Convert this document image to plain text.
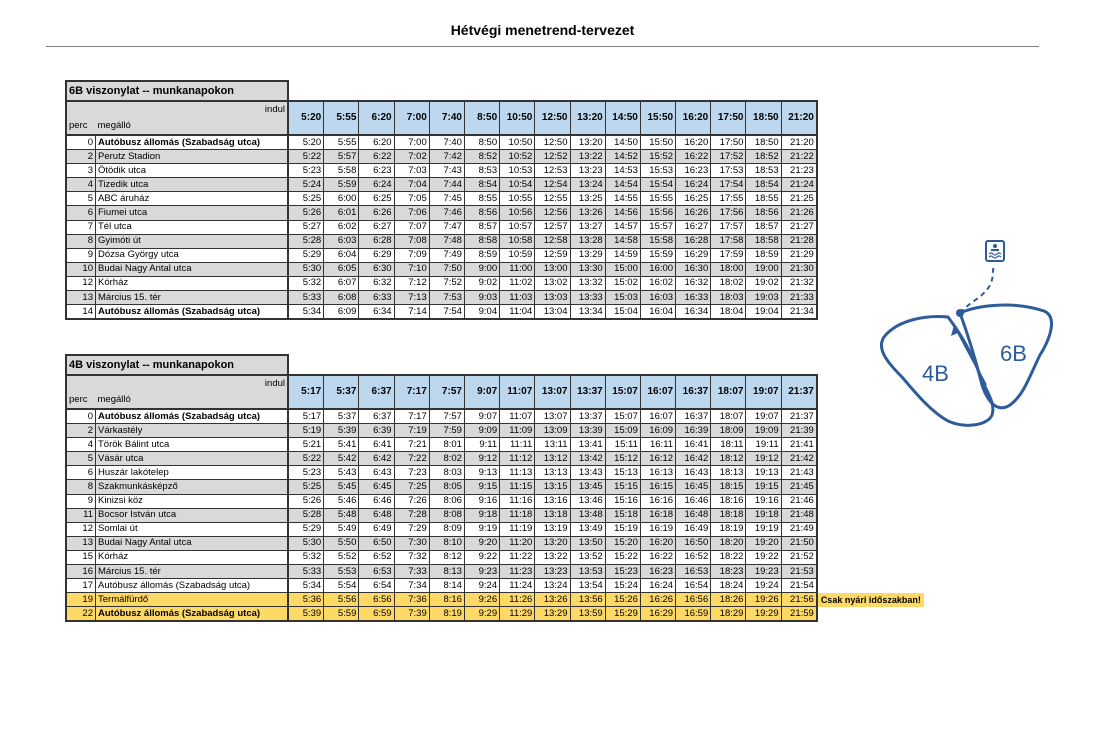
Hétvégi menetrend-tervezet
6B viszonylat -- munkanapokon																
indul		5:20	5:55	6:20	7:00	7:40	8:50	10:50	12:50	13:20	14:50	15:50	16:20	17:50	18:50	21:20
perc	megálló															
0	Autóbusz állomás (Szabadság utca)	5:20	5:55	6:20	7:00	7:40	8:50	10:50	12:50	13:20	14:50	15:50	16:20	17:50	18:50	21:20
2	Perutz Stadion	5:22	5:57	6:22	7:02	7:42	8:52	10:52	12:52	13:22	14:52	15:52	16:22	17:52	18:52	21:22
3	Ötödik utca	5:23	5:58	6:23	7:03	7:43	8:53	10:53	12:53	13:23	14:53	15:53	16:23	17:53	18:53	21:23
4	Tizedik utca	5:24	5:59	6:24	7:04	7:44	8:54	10:54	12:54	13:24	14:54	15:54	16:24	17:54	18:54	21:24
5	ABC áruház	5:25	6:00	6:25	7:05	7:45	8:55	10:55	12:55	13:25	14:55	15:55	16:25	17:55	18:55	21:25
6	Fiumei utca	5:26	6:01	6:26	7:06	7:46	8:56	10:56	12:56	13:26	14:56	15:56	16:26	17:56	18:56	21:26
7	Tél utca	5:27	6:02	6:27	7:07	7:47	8:57	10:57	12:57	13:27	14:57	15:57	16:27	17:57	18:57	21:27
8	Gyimóti út	5:28	6:03	6:28	7:08	7:48	8:58	10:58	12:58	13:28	14:58	15:58	16:28	17:58	18:58	21:28
9	Dózsa György utca	5:29	6:04	6:29	7:09	7:49	8:59	10:59	12:59	13:29	14:59	15:59	16:29	17:59	18:59	21:29
10	Budai Nagy Antal utca	5:30	6:05	6:30	7:10	7:50	9:00	11:00	13:00	13:30	15:00	16:00	16:30	18:00	19:00	21:30
12	Kórház	5:32	6:07	6:32	7:12	7:52	9:02	11:02	13:02	13:32	15:02	16:02	16:32	18:02	19:02	21:32
13	Március 15. tér	5:33	6:08	6:33	7:13	7:53	9:03	11:03	13:03	13:33	15:03	16:03	16:33	18:03	19:03	21:33
14	Autóbusz állomás (Szabadság utca)	5:34	6:09	6:34	7:14	7:54	9:04	11:04	13:04	13:34	15:04	16:04	16:34	18:04	19:04	21:34
4B viszonylat -- munkanapokon																	
indul		5:17	5:37	6:37	7:17	7:57	9:07	11:07	13:07	13:37	15:07	16:07	16:37	18:07	19:07	21:37	
perc	megálló																
0	Autóbusz állomás (Szabadság utca)	5:17	5:37	6:37	7:17	7:57	9:07	11:07	13:07	13:37	15:07	16:07	16:37	18:07	19:07	21:37	
2	Várkastély	5:19	5:39	6:39	7:19	7:59	9:09	11:09	13:09	13:39	15:09	16:09	16:39	18:09	19:09	21:39	
4	Török Bálint utca	5:21	5:41	6:41	7:21	8:01	9:11	11:11	13:11	13:41	15:11	16:11	16:41	18:11	19:11	21:41	
5	Vásár utca	5:22	5:42	6:42	7:22	8:02	9:12	11:12	13:12	13:42	15:12	16:12	16:42	18:12	19:12	21:42	
6	Huszár lakótelep	5:23	5:43	6:43	7:23	8:03	9:13	11:13	13:13	13:43	15:13	16:13	16:43	18:13	19:13	21:43	
8	Szakmunkásképző	5:25	5:45	6:45	7:25	8:05	9:15	11:15	13:15	13:45	15:15	16:15	16:45	18:15	19:15	21:45	
9	Kinizsi köz	5:26	5:46	6:46	7:26	8:06	9:16	11:16	13:16	13:46	15:16	16:16	16:46	18:16	19:16	21:46	
11	Bocsor István utca	5:28	5:48	6:48	7:28	8:08	9:18	11:18	13:18	13:48	15:18	16:18	16:48	18:18	19:18	21:48	
12	Somlai út	5:29	5:49	6:49	7:29	8:09	9:19	11:19	13:19	13:49	15:19	16:19	16:49	18:19	19:19	21:49	
13	Budai Nagy Antal utca	5:30	5:50	6:50	7:30	8:10	9:20	11:20	13:20	13:50	15:20	16:20	16:50	18:20	19:20	21:50	
15	Kórház	5:32	5:52	6:52	7:32	8:12	9:22	11:22	13:22	13:52	15:22	16:22	16:52	18:22	19:22	21:52	
16	Március 15. tér	5:33	5:53	6:53	7:33	8:13	9:23	11:23	13:23	13:53	15:23	16:23	16:53	18:23	19:23	21:53	
17	Autóbusz állomás (Szabadság utca)	5:34	5:54	6:54	7:34	8:14	9:24	11:24	13:24	13:54	15:24	16:24	16:54	18:24	19:24	21:54	
19	Termálfürdő	5:36	5:56	6:56	7:36	8:16	9:26	11:26	13:26	13:56	15:26	16:26	16:56	18:26	19:26	21:56	Csak nyári időszakban!
22	Autóbusz állomás (Szabadság utca)	5:39	5:59	6:59	7:39	8:19	9:29	11:29	13:29	13:59	15:29	16:29	16:59	18:29	19:29	21:59	
4B
6B
